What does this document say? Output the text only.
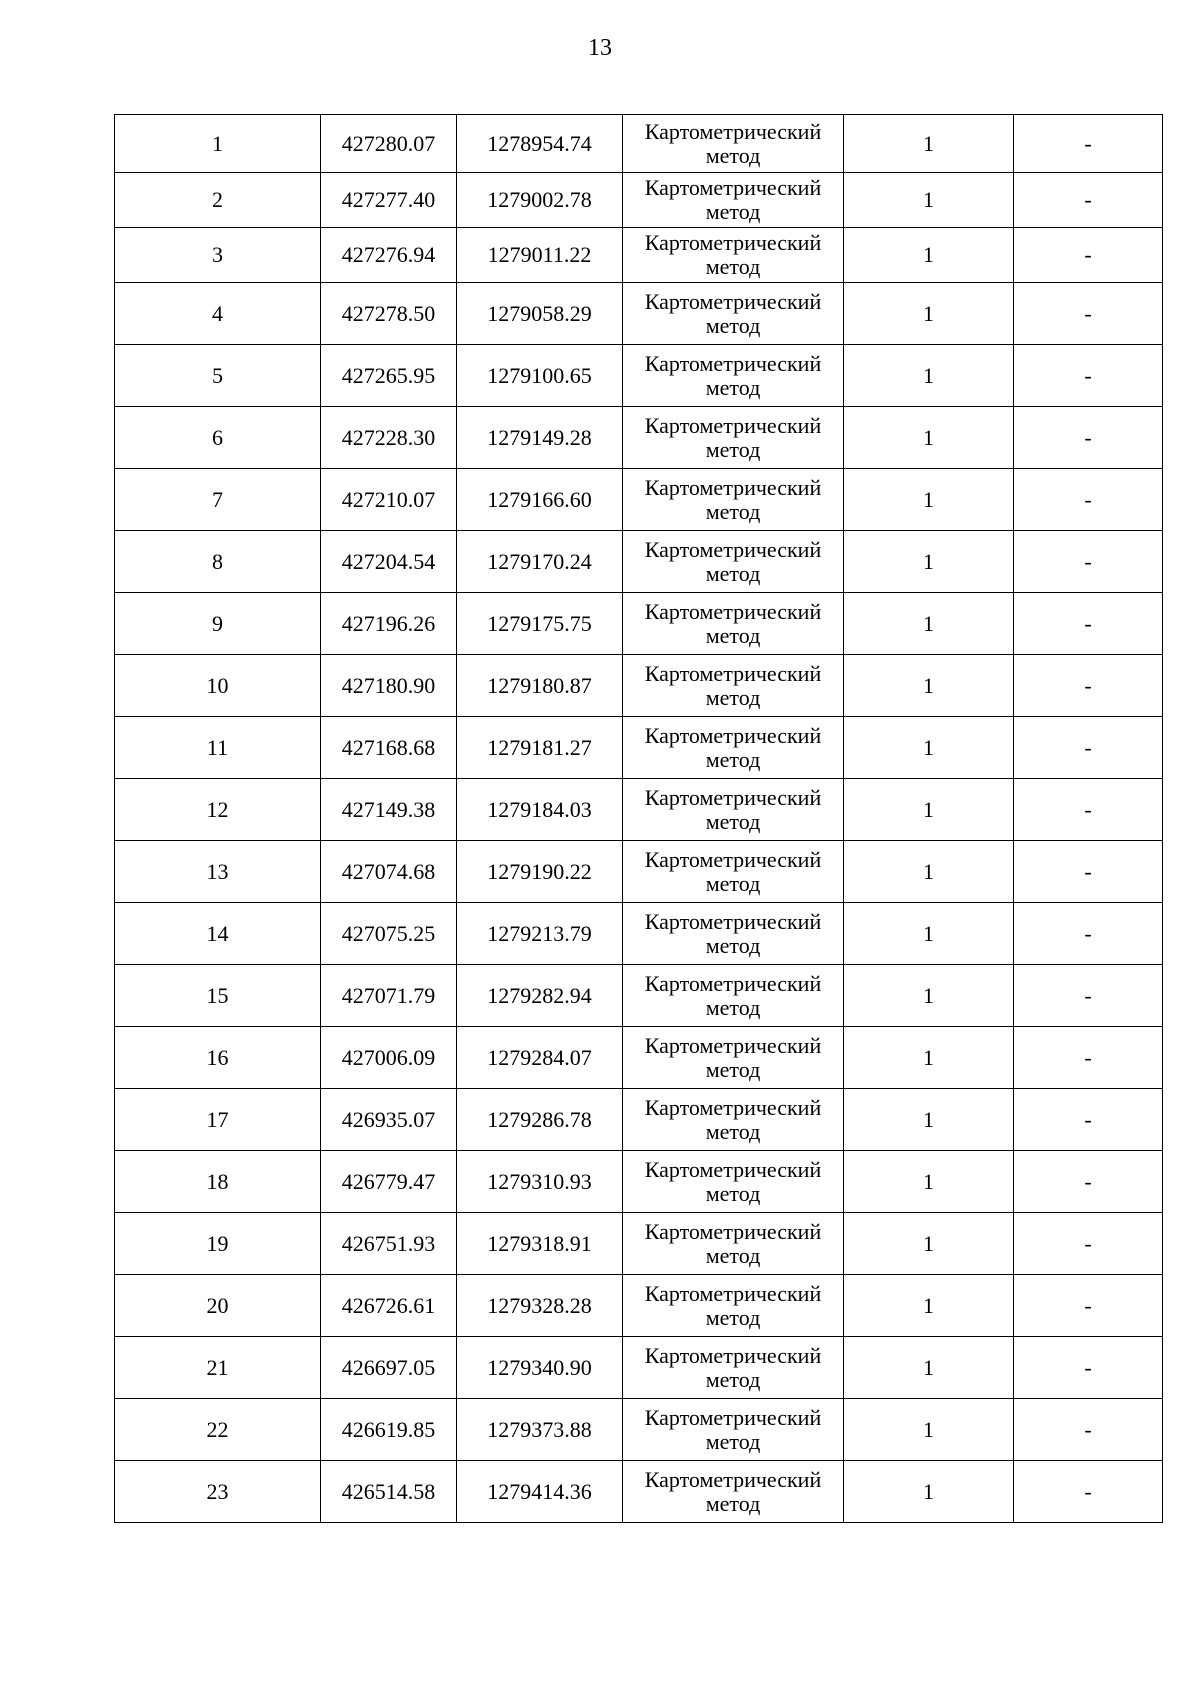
13
1	427280.07	1278954.74	Картометрический
метод	1	-
2	427277.40	1279002.78	Картометрический
метод	1	-
3	427276.94	1279011.22	Картометрический
метод	1	-
4	427278.50	1279058.29	Картометрический
метод	1	-
5	427265.95	1279100.65	Картометрический
метод	1	-
6	427228.30	1279149.28	Картометрический
метод	1	-
7	427210.07	1279166.60	Картометрический
метод	1	-
8	427204.54	1279170.24	Картометрический
метод	1	-
9	427196.26	1279175.75	Картометрический
метод	1	-
10	427180.90	1279180.87	Картометрический
метод	1	-
11	427168.68	1279181.27	Картометрический
метод	1	-
12	427149.38	1279184.03	Картометрический
метод	1	-
13	427074.68	1279190.22	Картометрический
метод	1	-
14	427075.25	1279213.79	Картометрический
метод	1	-
15	427071.79	1279282.94	Картометрический
метод	1	-
16	427006.09	1279284.07	Картометрический
метод	1	-
17	426935.07	1279286.78	Картометрический
метод	1	-
18	426779.47	1279310.93	Картометрический
метод	1	-
19	426751.93	1279318.91	Картометрический
метод	1	-
20	426726.61	1279328.28	Картометрический
метод	1	-
21	426697.05	1279340.90	Картометрический
метод	1	-
22	426619.85	1279373.88	Картометрический
метод	1	-
23	426514.58	1279414.36	Картометрический
метод	1	-
